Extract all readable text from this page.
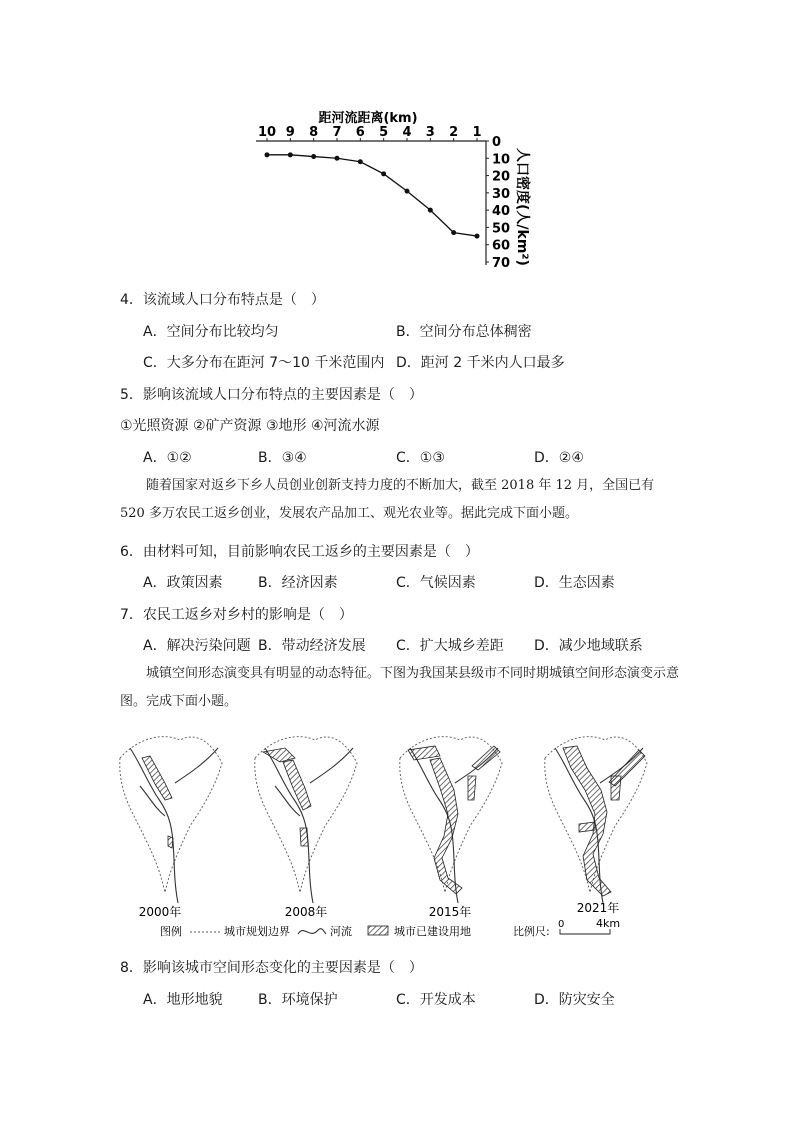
距河流距离(km)
10 9 8 7 6 5 4 3 2 1
0
10
20
30
40
50
60
70 人口密度(人/km²)
4．该流域人口分布特点是（　）
A．空间分布比较均匀	B．空间分布总体稠密
C．大多分布在距河 7～10 千米范围内 D．距河 2 千米内人口最多
5．影响该流域人口分布特点的主要因素是（　）
①光照资源 ②矿产资源 ③地形 ④河流水源
A．①②	B．③④	C．①③	D．②④
随着国家对返乡下乡人员创业创新支持力度的不断加大，截至 2018 年 12 月，全国已有 520 多万农民工返乡创业，发展农产品加工、观光农业等。据此完成下面小题。
6．由材料可知，目前影响农民工返乡的主要因素是（　）
A．政策因素	B．经济因素	C．气候因素	D．生态因素
7．农民工返乡对乡村的影响是（　）
A．解决污染问题 B．带动经济发展 C．扩大城乡差距 D．减少地域联系
城镇空间形态演变具有明显的动态特征。下图为我国某县级市不同时期城镇空间形态演变示意图。完成下面小题。
2000年	2008年	2015年	2021年
图例	城市规划边界	河流	城市已建设用地	比例尺:
0	4km
8．影响该城市空间形态变化的主要因素是（　）
A．地形地貌	B．环境保护	C．开发成本	D．防灾安全
